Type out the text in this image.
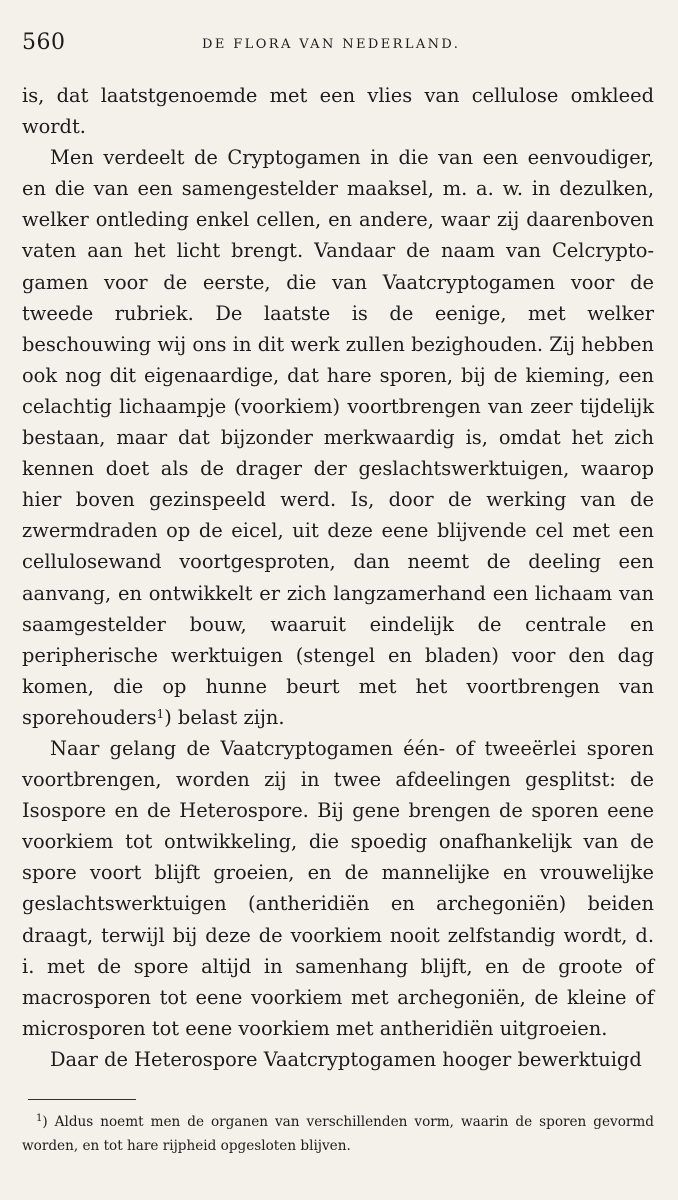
560	DE FLORA VAN NEDERLAND.

is, dat laatstgenoemde met een vlies van cellulose omkleed wordt.

Men verdeelt de Cryptogamen in die van een eenvoudiger, en die van een samengestelder maaksel, m. a. w. in dezulken, welker ontleding enkel cellen, en andere, waar zij daarenboven vaten aan het licht brengt. Vandaar de naam van Celcryptogamen voor de eerste, die van Vaatcryptogamen voor de tweede rubriek. De laatste is de eenige, met welker beschouwing wij ons in dit werk zullen bezighouden. Zij hebben ook nog dit eigenaardige, dat hare sporen, bij de kieming, een celachtig lichaampje (voorkiem) voortbrengen van zeer tijdelijk bestaan, maar dat bijzonder merkwaardig is, omdat het zich kennen doet als de drager der geslachtswerktuigen, waarop hier boven gezinspeeld werd. Is, door de werking van de zwermdraden op de eicel, uit deze eene blijvende cel met een cellulosewand voortgesproten, dan neemt de deeling een aanvang, en ontwikkelt er zich langzamerhand een lichaam van saamgestelder bouw, waaruit eindelijk de centrale en peripherische werktuigen (stengel en bladen) voor den dag komen, die op hunne beurt met het voortbrengen van sporehouders$^1$) belast zijn.

Naar gelang de Vaatcryptogamen één- of tweeërlei sporen voortbrengen, worden zij in twee afdeelingen gesplitst: de Isospore en de Heterospore. Bij gene brengen de sporen eene voorkiem tot ontwikkeling, die spoedig onafhankelijk van de spore voort blijft groeien, en de mannelijke en vrouwelijke geslachtswerktuigen (antheridiën en archegoniën) beiden draagt, terwijl bij deze de voorkiem nooit zelfstandig wordt, d. i. met de spore altijd in samenhang blijft, en de groote of macrosporen tot eene voorkiem met archegoniën, de kleine of microsporen tot eene voorkiem met antheridiën uitgroeien.

Daar de Heterospore Vaatcryptogamen hooger bewerktuigd

$^1$) Aldus noemt men de organen van verschillenden vorm, waarin de sporen gevormd worden, en tot hare rijpheid opgesloten blijven.
